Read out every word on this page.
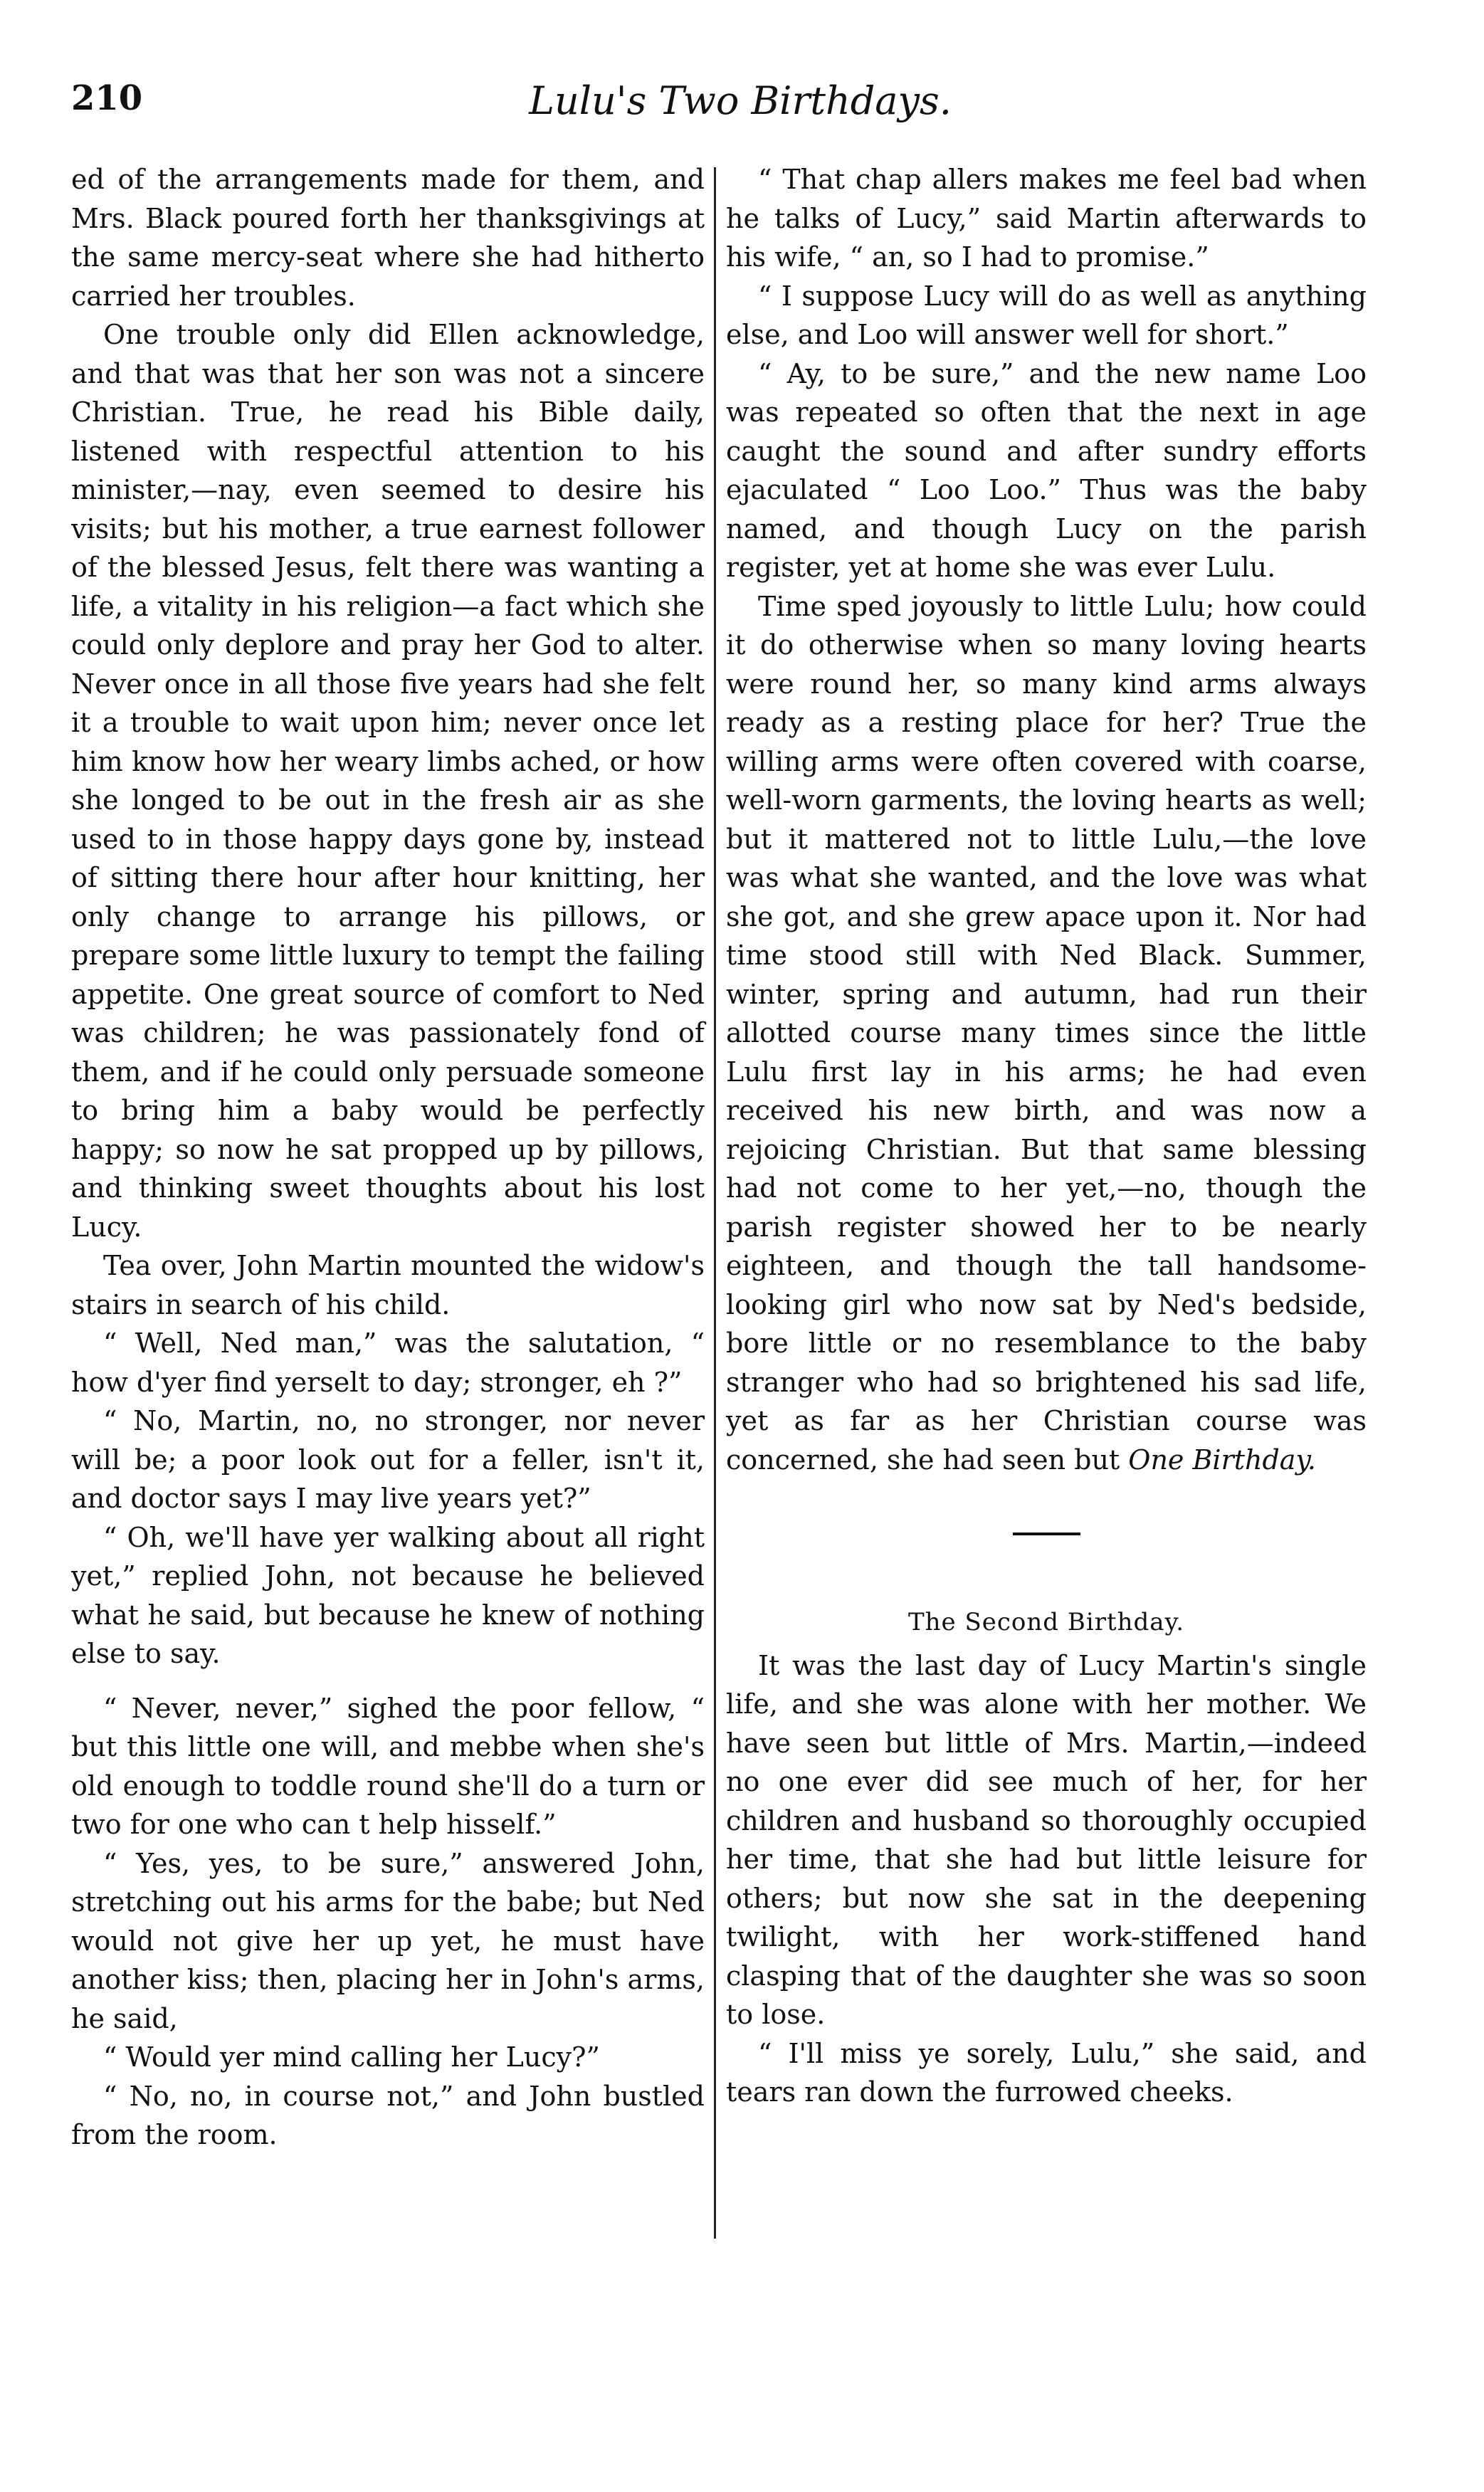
210	Lulu's Two Birthdays.

ed of the arrangements made for them, and Mrs. Black poured forth her thanksgivings at the same mercy-seat where she had hitherto carried her troubles.

One trouble only did Ellen acknowledge, and that was that her son was not a sincere Christian. True, he read his Bible daily, listened with respectful attention to his minister,—nay, even seemed to desire his visits; but his mother, a true earnest follower of the blessed Jesus, felt there was wanting a life, a vitality in his religion—a fact which she could only deplore and pray her God to alter. Never once in all those five years had she felt it a trouble to wait upon him; never once let him know how her weary limbs ached, or how she longed to be out in the fresh air as she used to in those happy days gone by, instead of sitting there hour after hour knitting, her only change to arrange his pillows, or prepare some little luxury to tempt the failing appetite. One great source of comfort to Ned was children; he was passionately fond of them, and if he could only persuade someone to bring him a baby would be perfectly happy; so now he sat propped up by pillows, and thinking sweet thoughts about his lost Lucy.

Tea over, John Martin mounted the widow's stairs in search of his child.

“ Well, Ned man,” was the salutation, “ how d'yer find yerselt to day; stronger, eh ?”

“ No, Martin, no, no stronger, nor never will be; a poor look out for a feller, isn't it, and doctor says I may live years yet?”

“ Oh, we'll have yer walking about all right yet,” replied John, not because he believed what he said, but because he knew of nothing else to say.

“ Never, never,” sighed the poor fellow, “ but this little one will, and mebbe when she's old enough to toddle round she'll do a turn or two for one who can t help hisself.”

“ Yes, yes, to be sure,” answered John, stretching out his arms for the babe; but Ned would not give her up yet, he must have another kiss; then, placing her in John's arms, he said,

“ Would yer mind calling her Lucy?”

“ No, no, in course not,” and John bustled from the room.

“ That chap allers makes me feel bad when he talks of Lucy,” said Martin afterwards to his wife, “ an, so I had to promise.”

“ I suppose Lucy will do as well as anything else, and Loo will answer well for short.”

“ Ay, to be sure,” and the new name Loo was repeated so often that the next in age caught the sound and after sundry efforts ejaculated “ Loo Loo.” Thus was the baby named, and though Lucy on the parish register, yet at home she was ever Lulu.

Time sped joyously to little Lulu; how could it do otherwise when so many loving hearts were round her, so many kind arms always ready as a resting place for her? True the willing arms were often covered with coarse, well-worn garments, the loving hearts as well; but it mattered not to little Lulu,—the love was what she wanted, and the love was what she got, and she grew apace upon it. Nor had time stood still with Ned Black. Summer, winter, spring and autumn, had run their allotted course many times since the little Lulu first lay in his arms; he had even received his new birth, and was now a rejoicing Christian. But that same blessing had not come to her yet,—no, though the parish register showed her to be nearly eighteen, and though the tall handsome-looking girl who now sat by Ned's bedside, bore little or no resemblance to the baby stranger who had so brightened his sad life, yet as far as her Christian course was concerned, she had seen but One Birthday.

The Second Birthday.

It was the last day of Lucy Martin's single life, and she was alone with her mother. We have seen but little of Mrs. Martin,—indeed no one ever did see much of her, for her children and husband so thoroughly occupied her time, that she had but little leisure for others; but now she sat in the deepening twilight, with her work-stiffened hand clasping that of the daughter she was so soon to lose.

“ I'll miss ye sorely, Lulu,” she said, and tears ran down the furrowed cheeks.
